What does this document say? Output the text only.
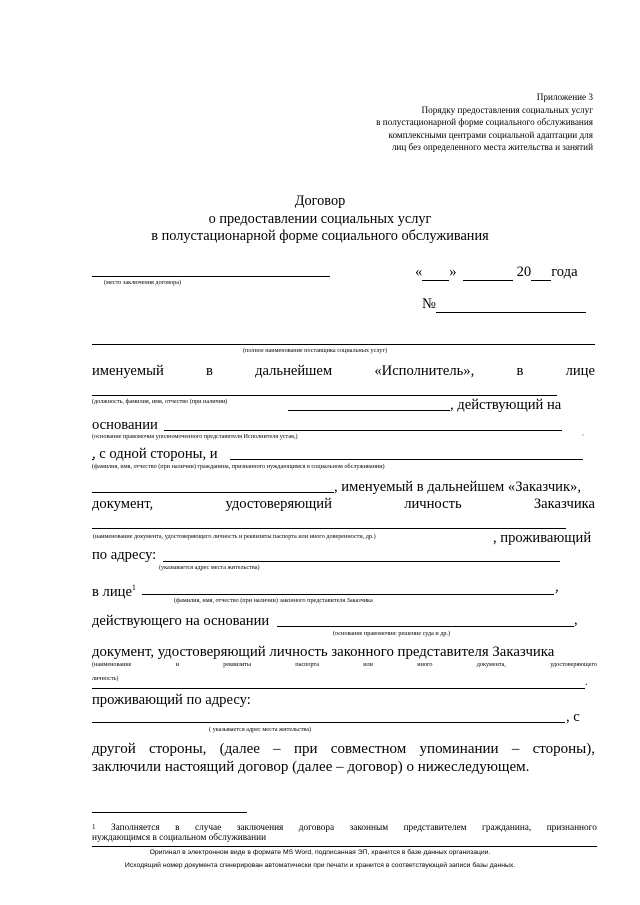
Приложение 3
Порядку предоставления социальных услуг
в полустационарной форме социального обслуживания
комплексными центрами социальной адаптации для
лиц без определенного места жительства и занятий
Договор
о предоставлении социальных услуг
в полустационарной форме социального обслуживания
(место заключения договора)
« »	20 года
№
(полное наименование поставщика социальных услуг)
именуемый	в	дальнейшем	«Исполнитель»,	в	лице
(должность, фамилия, имя, отчество (при наличии)	, действующий на
основании
(основание правомочия уполномоченного представителя Исполнителя устав,)	,
, с одной стороны, и
(фамилия, имя, отчество (при наличии) гражданина, признанного нуждающимся в социальном обслуживании)
, именуемый в дальнейшем «Заказчик»,
документ,	удостоверяющий	личность	Заказчика
(наименование документа, удостоверяющего личность и реквизиты паспорта или иного доверенности, др.)	, проживающий
по адресу:
(указывается адрес места жительства)
в лице$^1$	,
(фамилия, имя, отчество (при наличии) законного представителя Заказчика
действующего на основании	,
(основание правомочия: решение суда и др.)
документ, удостоверяющий личность законного представителя Заказчика
(наименование	и	реквизиты	паспорта	или	иного	документа,	удостоверяющего
личность)	.
проживающий по адресу:
, с
( указывается адрес места жительства)
другой стороны, (далее – при совместном упоминании – стороны),
заключили настоящий договор (далее – договор) о нижеследующем.
1 Заполняется в случае заключения договора законным представителем гражданина, признанного
нуждающимся в социальном обслуживании
Оригинал в электронном виде в формате MS Word, подписанная ЭП, хранится в базе данных организации.
Исходящий номер документа сгенерирован автоматически при печати и хранится в соответствующей записи базы данных.
